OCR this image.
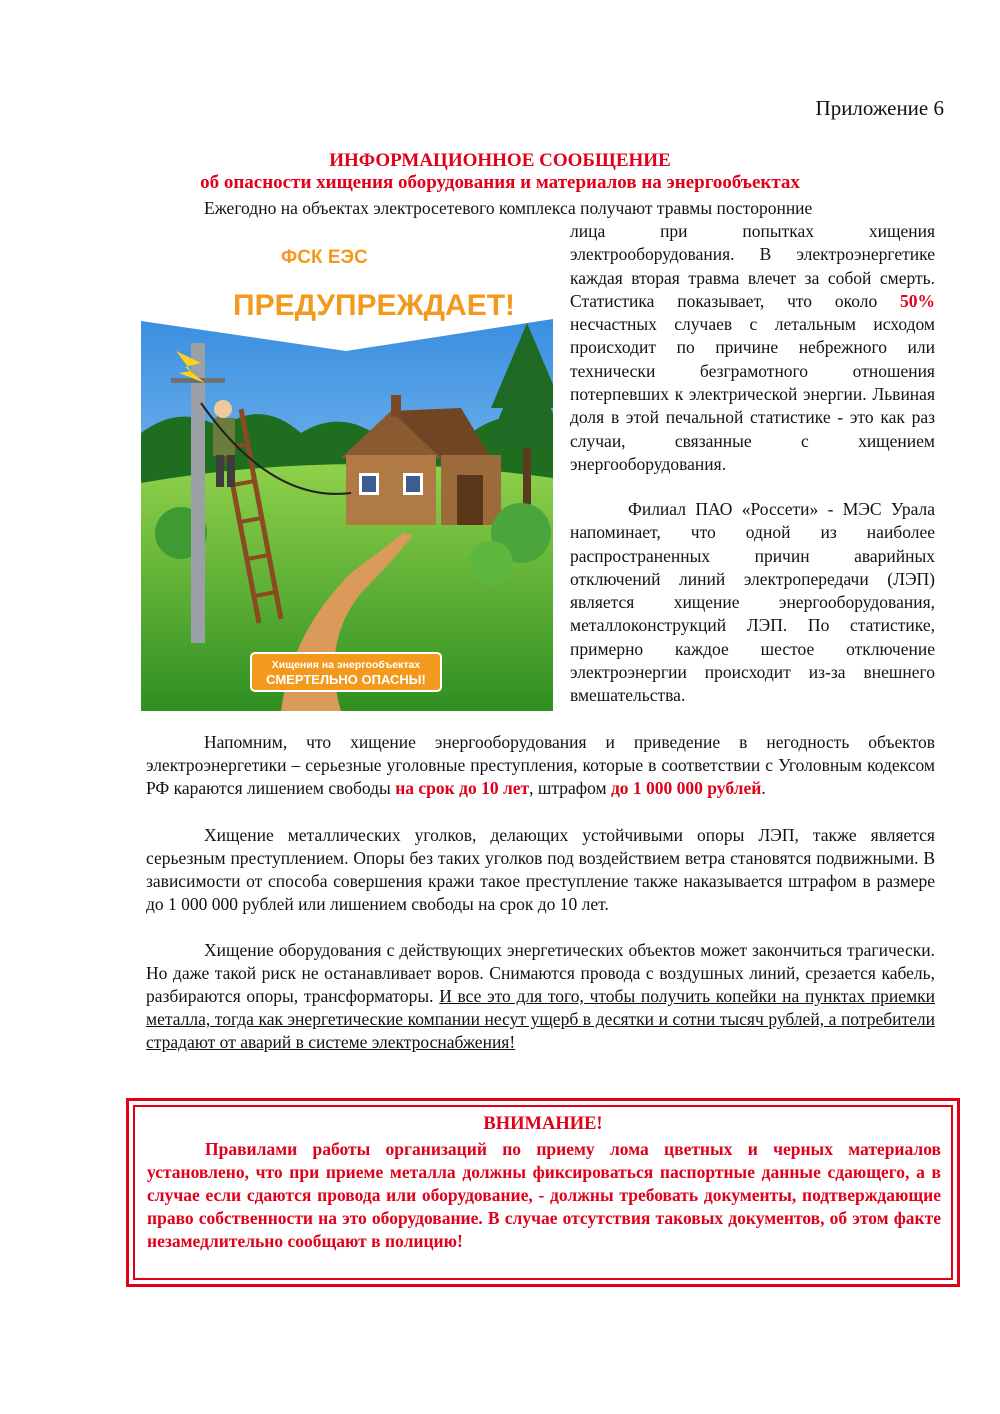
Приложение 6
ИНФОРМАЦИОННОЕ СООБЩЕНИЕ
об опасности хищения оборудования и материалов на энергообъектах
Ежегодно на объектах электросетевого комплекса получают травмы посторонние
ФСК ЕЭС
ПРЕДУПРЕЖДАЕТ!
Хищения на энергообъектах
СМЕРТЕЛЬНО ОПАСНЫ!
лица при попытках хищения электрооборудования. В электроэнергетике каждая вторая травма влечет за собой смерть. Статистика показывает, что около 50% несчастных случаев с летальным исходом происходит по причине небрежного или технически безграмотного отношения потерпевших к электрической энергии. Львиная доля в этой печальной статистике - это как раз случаи, связанные с хищением энергооборудования.
Филиал ПАО «Россети» - МЭС Урала напоминает, что одной из наиболее распространенных причин аварийных отключений линий электропередачи (ЛЭП) является хищение энергооборудования, металлоконструкций ЛЭП. По статистике, примерно каждое шестое отключение электроэнергии происходит из-за внешнего вмешательства.
Напомним, что хищение энергооборудования и приведение в негодность объектов электроэнергетики – серьезные уголовные преступления, которые в соответствии с Уголовным кодексом РФ караются лишением свободы на срок до 10 лет, штрафом до 1 000 000 рублей.
Хищение металлических уголков, делающих устойчивыми опоры ЛЭП, также является серьезным преступлением. Опоры без таких уголков под воздействием ветра становятся подвижными. В зависимости от способа совершения кражи такое преступление также наказывается штрафом в размере до 1 000 000 рублей или лишением свободы на срок до 10 лет.
Хищение оборудования с действующих энергетических объектов может закончиться трагически. Но даже такой риск не останавливает воров. Снимаются провода с воздушных линий, срезается кабель, разбираются опоры, трансформаторы. И все это для того, чтобы получить копейки на пунктах приемки металла, тогда как энергетические компании несут ущерб в десятки и сотни тысяч рублей, а потребители страдают от аварий в системе электроснабжения!
ВНИМАНИЕ!
Правилами работы организаций по приему лома цветных и черных материалов установлено, что при приеме металла должны фиксироваться паспортные данные сдающего, а в случае если сдаются провода или оборудование, - должны требовать документы, подтверждающие право собственности на это оборудование. В случае отсутствия таковых документов, об этом факте незамедлительно сообщают в полицию!
